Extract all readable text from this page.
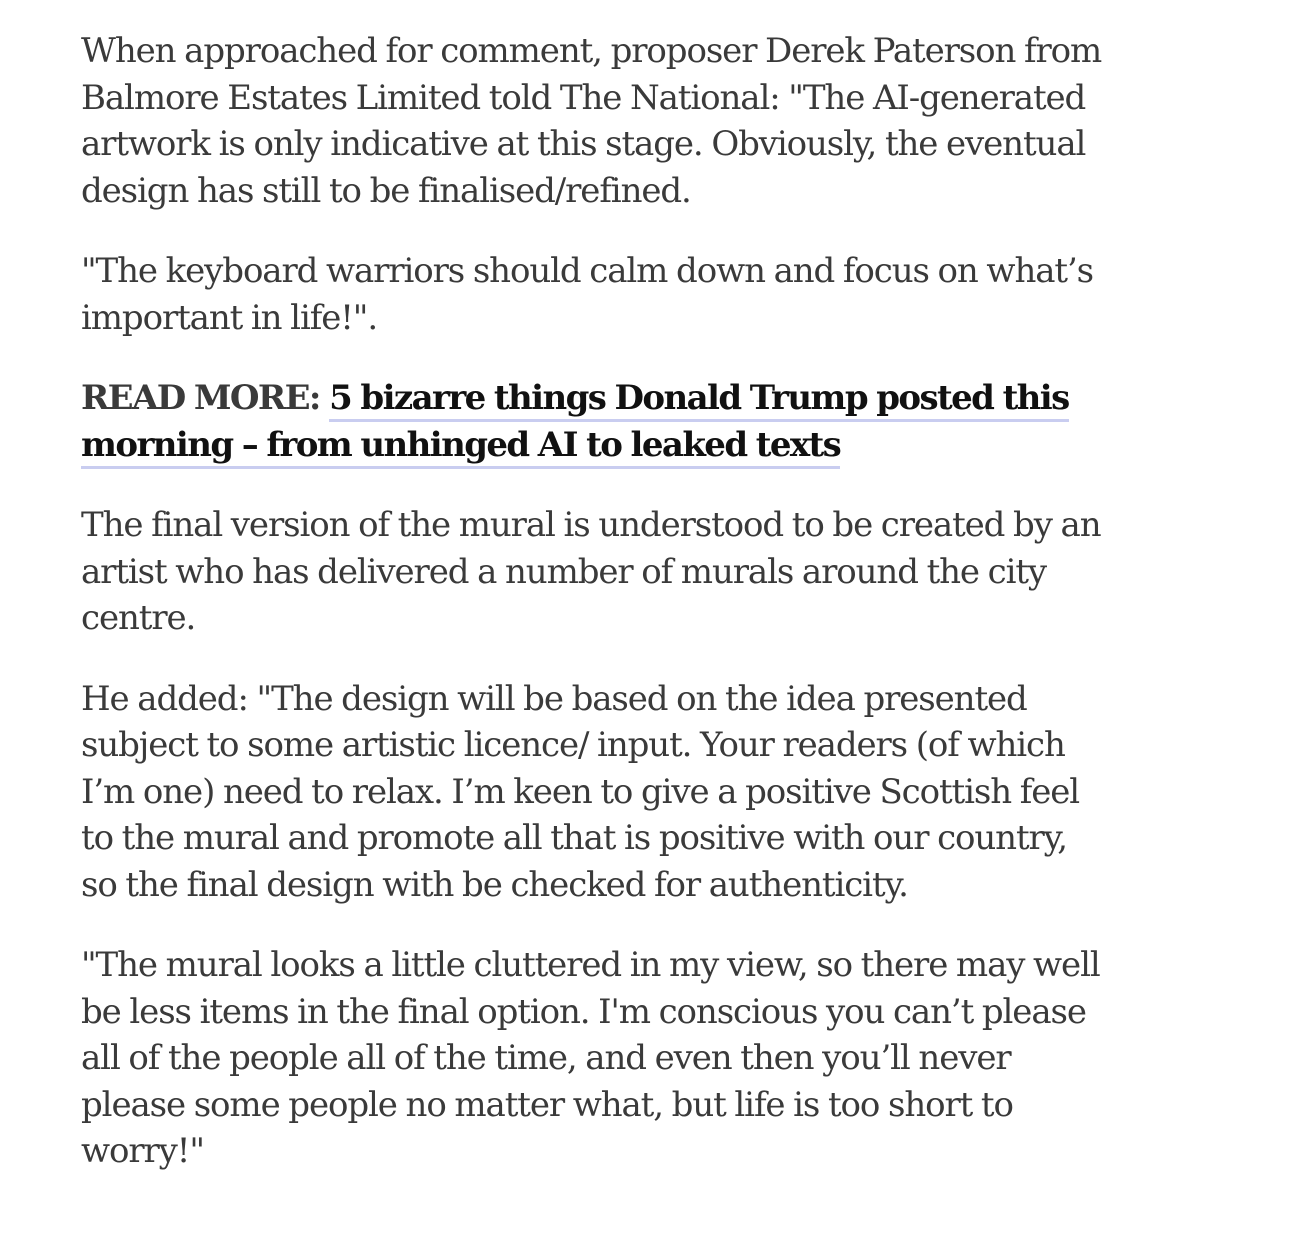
When approached for comment, proposer Derek Paterson from Balmore Estates Limited told The National: "The AI-generated artwork is only indicative at this stage. Obviously, the eventual design has still to be finalised/refined.

"The keyboard warriors should calm down and focus on what’s important in life!".

READ MORE: 5 bizarre things Donald Trump posted this morning – from unhinged AI to leaked texts

The final version of the mural is understood to be created by an artist who has delivered a number of murals around the city centre.

He added: "The design will be based on the idea presented subject to some artistic licence/ input. Your readers (of which I’m one) need to relax. I’m keen to give a positive Scottish feel to the mural and promote all that is positive with our country, so the final design with be checked for authenticity.

"The mural looks a little cluttered in my view, so there may well be less items in the final option. I'm conscious you can’t please all of the people all of the time, and even then you’ll never please some people no matter what, but life is too short to worry!"
